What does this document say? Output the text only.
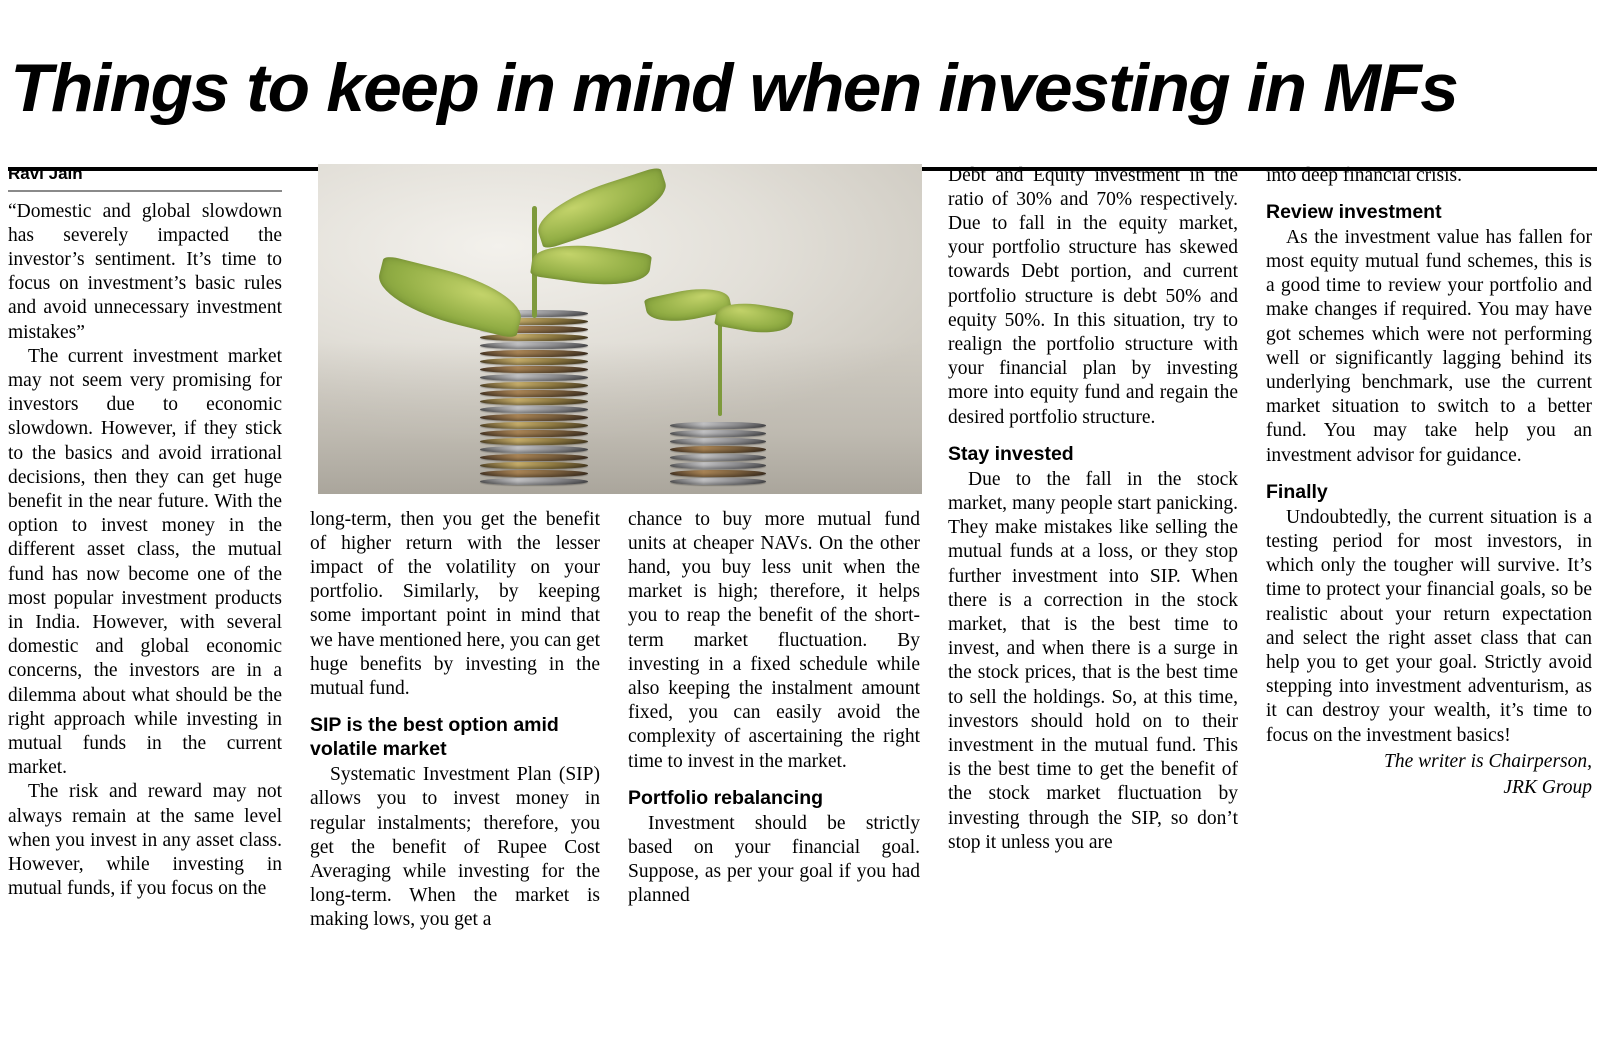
Things to keep in mind when investing in MFs
Ravi Jain

“Domestic and global slowdown has severely impacted the investor’s sentiment. It’s time to focus on investment’s basic rules and avoid unnecessary investment mistakes”

The current investment market may not seem very promising for investors due to economic slowdown. However, if they stick to the basics and avoid irrational decisions, then they can get huge benefit in the near future. With the option to invest money in the different asset class, the mutual fund has now become one of the most popular investment products in India. However, with several domestic and global economic concerns, the investors are in a dilemma about what should be the right approach while investing in mutual funds in the current market.

The risk and reward may not always remain at the same level when you invest in any asset class. However, while investing in mutual funds, if you focus on the

long-term, then you get the benefit of higher return with the lesser impact of the volatility on your portfolio. Similarly, by keeping some important point in mind that we have mentioned here, you can get huge benefits by investing in the mutual fund.

SIP is the best option amid volatile market

Systematic Investment Plan (SIP) allows you to invest money in regular instalments; therefore, you get the benefit of Rupee Cost Averaging while investing for the long-term. When the market is making lows, you get a

chance to buy more mutual fund units at cheaper NAVs. On the other hand, you buy less unit when the market is high; therefore, it helps you to reap the benefit of the short-term market fluctuation. By investing in a fixed schedule while also keeping the instalment amount fixed, you can easily avoid the complexity of ascertaining the right time to invest in the market.

Portfolio rebalancing

Investment should be strictly based on your financial goal. Suppose, as per your goal if you had planned

Debt and Equity investment in the ratio of 30% and 70% respectively. Due to fall in the equity market, your portfolio structure has skewed towards Debt portion, and current portfolio structure is debt 50% and equity 50%. In this situation, try to realign the portfolio structure with your financial plan by investing more into equity fund and regain the desired portfolio structure.

Stay invested

Due to the fall in the stock market, many people start panicking. They make mistakes like selling the mutual funds at a loss, or they stop further investment into SIP. When there is a correction in the stock market, that is the best time to invest, and when there is a surge in the stock prices, that is the best time to sell the holdings. So, at this time, investors should hold on to their investment in the mutual fund. This is the best time to get the benefit of the stock market fluctuation by investing through the SIP, so don’t stop it unless you are

into deep financial crisis.

Review investment

As the investment value has fallen for most equity mutual fund schemes, this is a good time to review your portfolio and make changes if required. You may have got schemes which were not performing well or significantly lagging behind its underlying benchmark, use the current market situation to switch to a better fund. You may take help you an investment advisor for guidance.

Finally

Undoubtedly, the current situation is a testing period for most investors, in which only the tougher will survive. It’s time to protect your financial goals, so be realistic about your return expectation and select the right asset class that can help you to get your goal. Strictly avoid stepping into investment adventurism, as it can destroy your wealth, it’s time to focus on the investment basics!

The writer is Chairperson,
JRK Group
